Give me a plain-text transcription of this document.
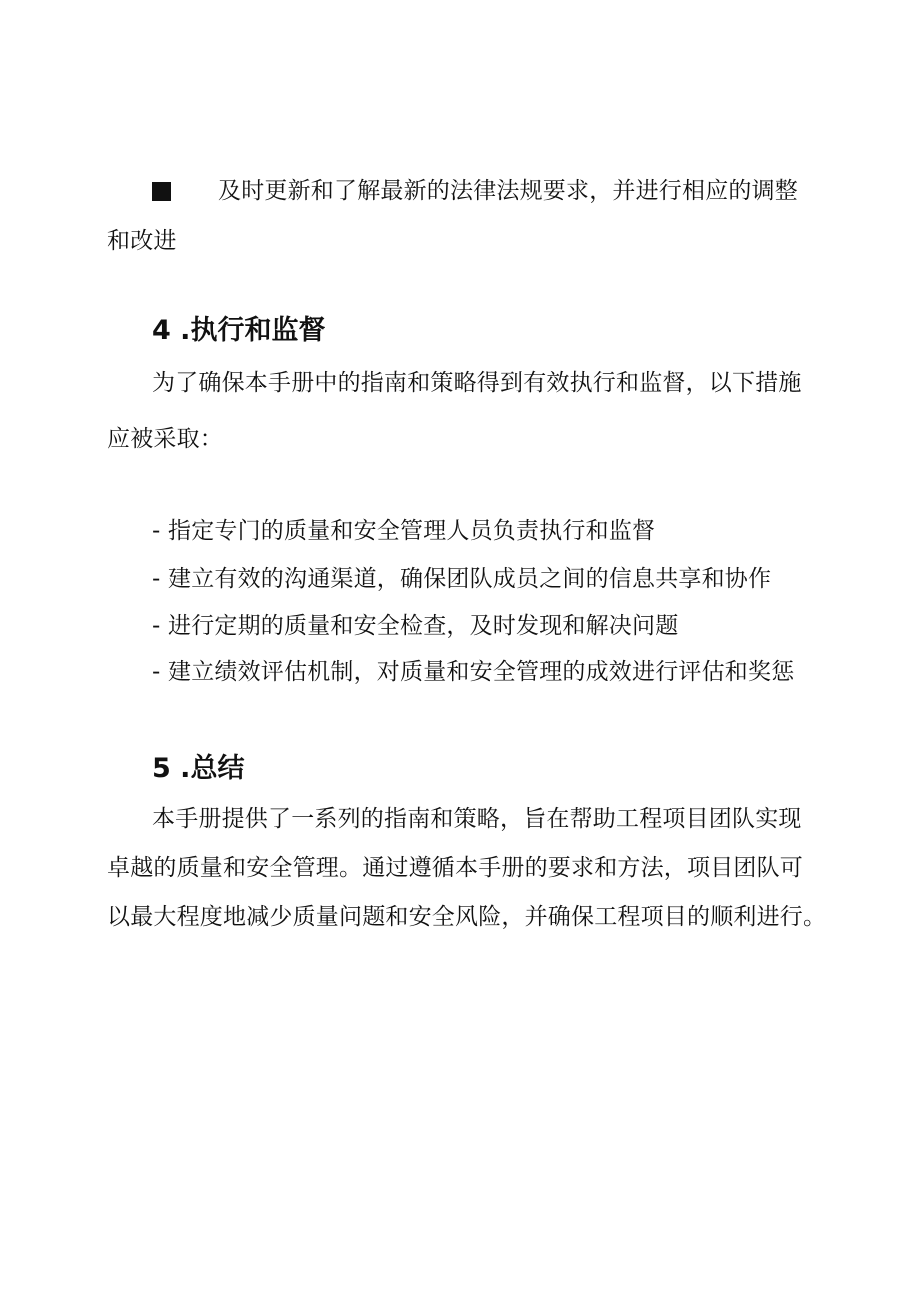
及时更新和了解最新的法律法规要求，并进行相应的调整
和改进
4 .执行和监督
为了确保本手册中的指南和策略得到有效执行和监督，以下措施
应被采取：
- 指定专门的质量和安全管理人员负责执行和监督
- 建立有效的沟通渠道，确保团队成员之间的信息共享和协作
- 进行定期的质量和安全检查，及时发现和解决问题
- 建立绩效评估机制，对质量和安全管理的成效进行评估和奖惩
5 .总结
本手册提供了一系列的指南和策略，旨在帮助工程项目团队实现
卓越的质量和安全管理。通过遵循本手册的要求和方法，项目团队可
以最大程度地减少质量问题和安全风险，并确保工程项目的顺利进行。
